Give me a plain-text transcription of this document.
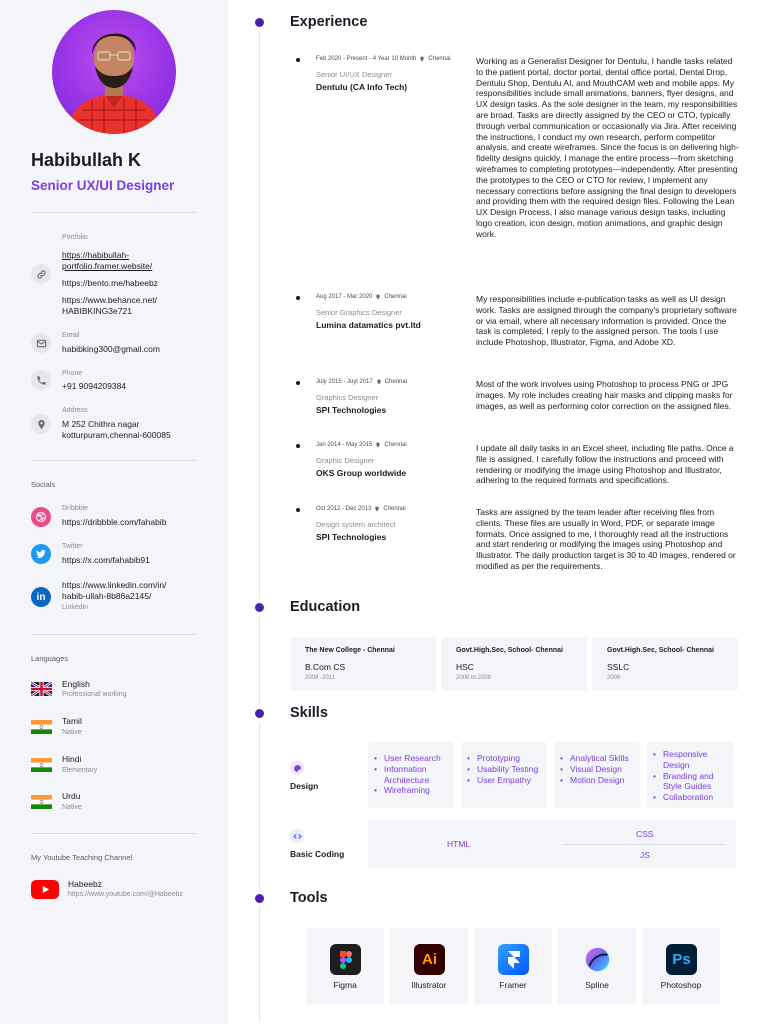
Habibullah K
Senior UX/UI Designer
Portfolio
https://habibullah-
portfolio.framer.website/
https://bento.me/habeebz
https://www.behance.net/
HABIBKING3e721
Email
habibking300@gmail.com
Phone
+91 9094209384
Address
M 252 Chithra nagar
kotturpuram,chennai-600085
Socials
Dribbble
https://dribbble.com/fahabib
Twitter
https://x.com/fahabib91
in
https://www.linkedin.com/in/
habib-ullah-8b86a2145/
Linkedin
Languages
English
Professional working
Tamil
Native
Hindi
Elementary
Urdu
Native
My Youtube Teaching Channel
Habeebz
https://www.youtube.com/@Habeebz
Experience
Feb 2020 - Present - 4 Year 10 Month Chennai
Senior UI/UX Designer
Dentulu (CA Info Tech)

Working as a Generalist Designer for Dentulu, I handle tasks related to the patient portal, doctor portal, dental office portal, Dental Drop, Dentulu Shop, Dentulu AI, and MouthCAM web and mobile apps. My responsibilities include small animations, banners, flyer designs, and UX design tasks. As the sole designer in the team, my responsibilities are broad. Tasks are directly assigned by the CEO or CTO, typically through verbal communication or occasionally via Jira. After receiving the instructions, I conduct my own research, perform competitor analysis, and create wireframes. Since the focus is on delivering high-fidelity designs quickly, I manage the entire process—from sketching wireframes to completing prototypes—independently. After presenting the prototypes to the CEO or CTO for review, I implement any necessary corrections before assigning the final design to developers and providing them with the required design files. Following the Lean UX Design Process, I also manage various design tasks, including logo creation, icon design, motion animations, and graphic design work.

Aug 2017 - Mar 2020 Chennai
Senior Graphics Designer
Lumina datamatics pvt.ltd

My responsibilities include e-publication tasks as well as UI design work. Tasks are assigned through the company's proprietary software or via email, where all necessary information is provided. Once the task is completed, I reply to the assigned person. The tools I use include Photoshop, Illustrator, Figma, and Adobe XD.

July 2015 - Juyl 2017 Chennai
Graphics Designer
SPI Technologies

Most of the work involves using Photoshop to process PNG or JPG images. My role includes creating hair masks and clipping masks for images, as well as performing color correction on the assigned files.

Jan 2014 - May 2015 Chennai
Graphic Designer
OKS Group worldwide

I update all daily tasks in an Excel sheet, including file paths. Once a file is assigned, I carefully follow the instructions and proceed with rendering or modifying the image using Photoshop and Illustrator, adhering to the required formats and specifications.

Oct 2012 - Dec 2013 Chennai
Design system architect
SPI Technologies

Tasks are assigned by the team leader after receiving files from clients. These files are usually in Word, PDF, or separate image formats. Once assigned to me, I thoroughly read all the instructions and start rendering or modifying the images using Photoshop and Illustrator. The daily production target is 30 to 40 images, rendered or modified as per the requirements.

Education
The New College - Chennai
B.Com CS
2008 -2011
Govt.High.Sec, School- Chennai
HSC
2006 to 2008
Govt.High.Sec, School- Chennai
SSLC
2006
Skills
Design
• User Research
• Information Architecture
• Wireframing
• Prototyping
• Usability Testing
• User Empathy
• Analytical Skills
• Visual Design
• Motion Design
• Responsive Design
• Branding and Style Guides
• Collaboration
Basic Coding
HTML
CSS
JS
Tools
Figma
Ai
Illustrator	Framer	Spline
Ps
Photoshop
